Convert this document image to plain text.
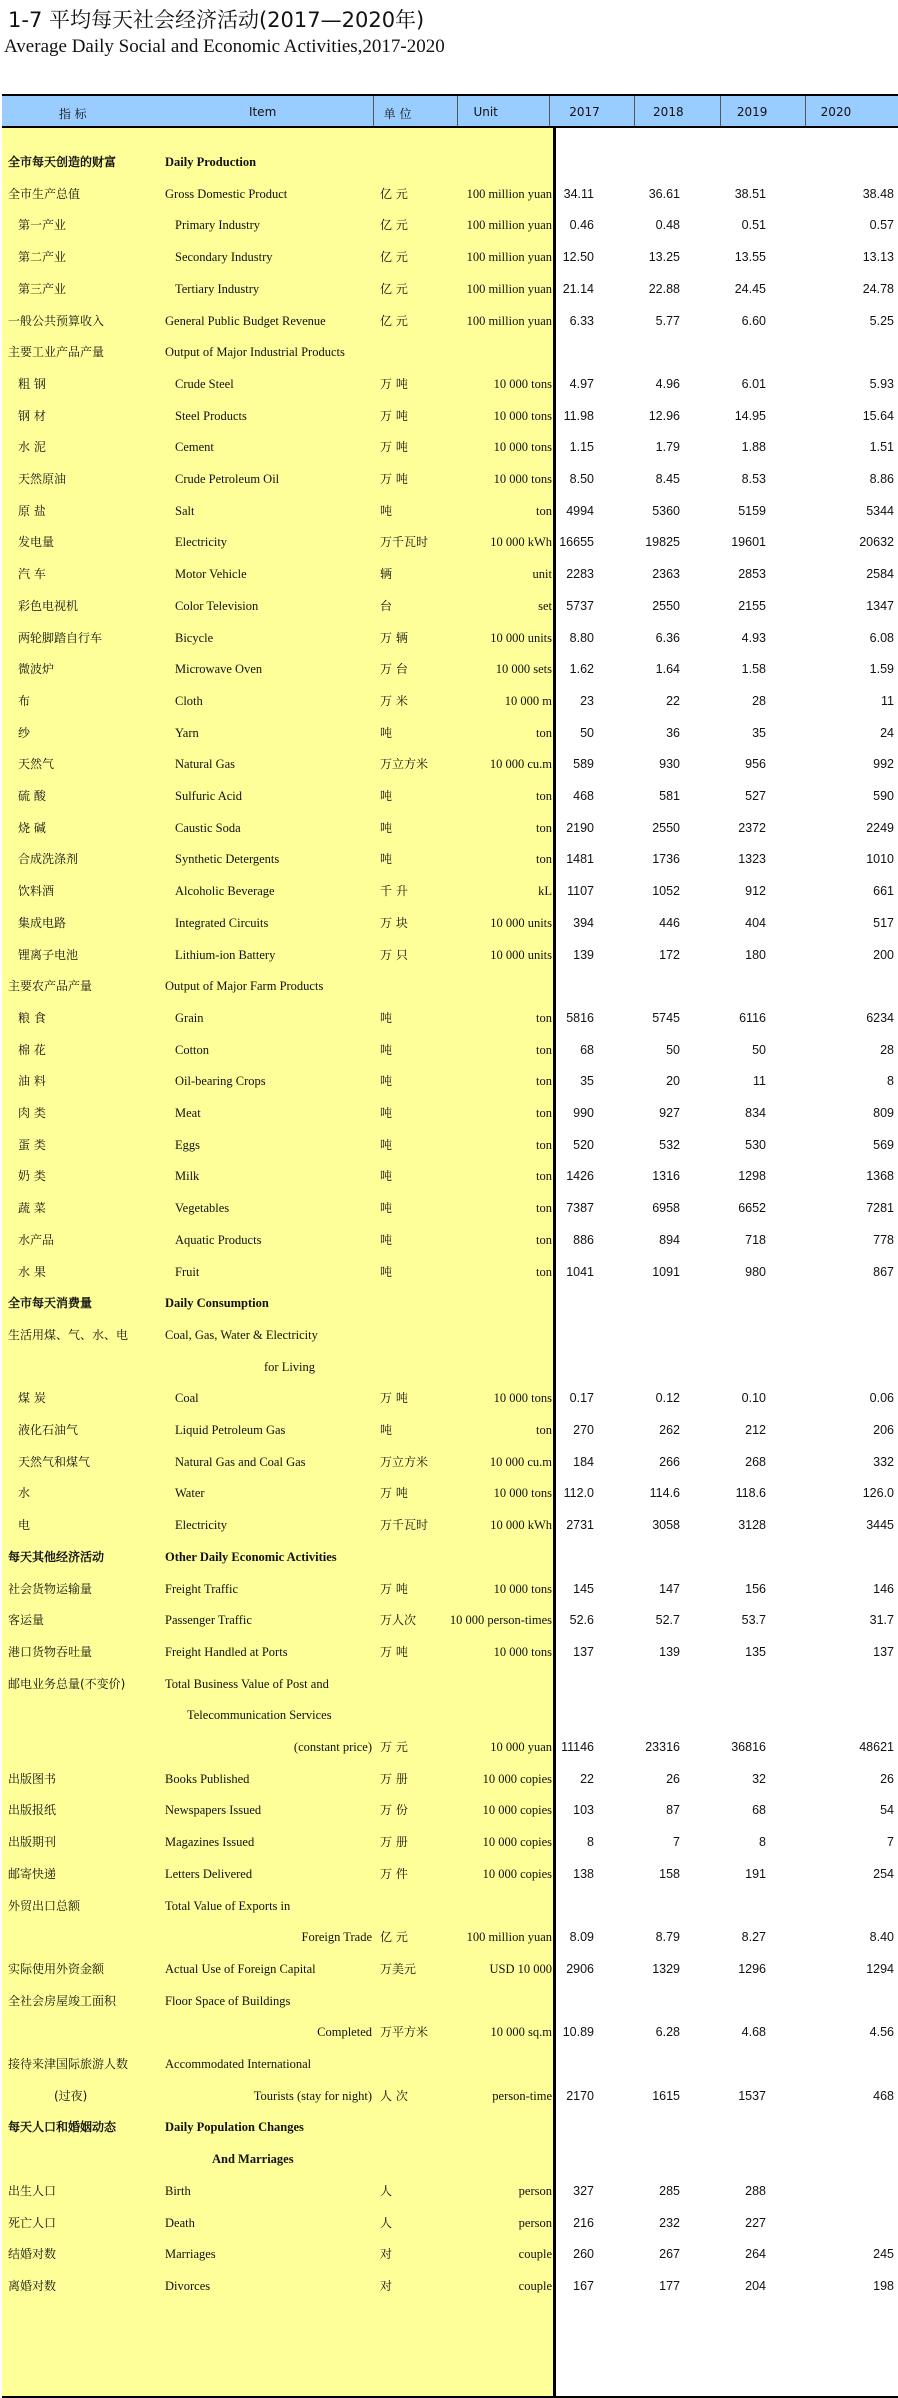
1-7 平均每天社会经济活动(2017—2020年)
Average Daily Social and Economic Activities,2017-2020
指 标	Item	单 位	Unit	2017	2018	2019	2020
全市每天创造的财富	Daily Production
全市生产总值	Gross Domestic Product	亿 元	100 million yuan 34.11	36.61	38.51	38.48
第一产业	Primary Industry	亿 元	100 million yuan	0.46	0.48	0.51	0.57
第二产业	Secondary Industry	亿 元	100 million yuan 12.50	13.25	13.55	13.13
第三产业	Tertiary Industry	亿 元	100 million yuan 21.14	22.88	24.45	24.78
一般公共预算收入	General Public Budget Revenue	亿 元	100 million yuan	6.33	5.77	6.60	5.25
主要工业产品产量	Output of Major Industrial Products
粗 钢	Crude Steel	万 吨	10 000 tons	4.97	4.96	6.01	5.93
钢 材	Steel Products	万 吨	10 000 tons 11.98	12.96	14.95	15.64
水 泥	Cement	万 吨	10 000 tons	1.15	1.79	1.88	1.51
天然原油	Crude Petroleum Oil	万 吨	10 000 tons	8.50	8.45	8.53	8.86
原 盐	Salt	吨	ton	4994	5360	5159	5344
发电量	Electricity	万千瓦时	10 000 kWh 16655	19825	19601	20632
汽 车	Motor Vehicle	辆	unit	2283	2363	2853	2584
彩色电视机	Color Television	台	set	5737	2550	2155	1347
两轮脚踏自行车	Bicycle	万 辆	10 000 units	8.80	6.36	4.93	6.08
微波炉	Microwave Oven	万 台	10 000 sets	1.62	1.64	1.58	1.59
布	Cloth	万 米	10 000 m	23	22	28	11
纱	Yarn	吨	ton	50	36	35	24
天然气	Natural Gas	万立方米	10 000 cu.m	589	930	956	992
硫 酸	Sulfuric Acid	吨	ton	468	581	527	590
烧 碱	Caustic Soda	吨	ton	2190	2550	2372	2249
合成洗涤剂	Synthetic Detergents	吨	ton	1481	1736	1323	1010
饮料酒	Alcoholic Beverage	千 升	kL	1107	1052	912	661
集成电路	Integrated Circuits	万 块	10 000 units	394	446	404	517
锂离子电池	Lithium-ion Battery	万 只	10 000 units	139	172	180	200
主要农产品产量	Output of Major Farm Products
粮 食	Grain	吨	ton	5816	5745	6116	6234
棉 花	Cotton	吨	ton	68	50	50	28
油 料	Oil-bearing Crops	吨	ton	35	20	11	8
肉 类	Meat	吨	ton	990	927	834	809
蛋 类	Eggs	吨	ton	520	532	530	569
奶 类	Milk	吨	ton	1426	1316	1298	1368
蔬 菜	Vegetables	吨	ton	7387	6958	6652	7281
水产品	Aquatic Products	吨	ton	886	894	718	778
水 果	Fruit	吨	ton	1041	1091	980	867
全市每天消费量	Daily Consumption
生活用煤、气、水、电	Coal, Gas, Water & Electricity
for Living
煤 炭	Coal	万 吨	10 000 tons	0.17	0.12	0.10	0.06
液化石油气	Liquid Petroleum Gas	吨	ton	270	262	212	206
天然气和煤气	Natural Gas and Coal Gas	万立方米	10 000 cu.m	184	266	268	332
水	Water	万 吨	10 000 tons 112.0	114.6	118.6	126.0
电	Electricity	万千瓦时	10 000 kWh	2731	3058	3128	3445
每天其他经济活动	Other Daily Economic Activities
社会货物运输量	Freight Traffic	万 吨	10 000 tons	145	147	156	146
客运量	Passenger Traffic	万人次	10 000 person-times	52.6	52.7	53.7	31.7
港口货物吞吐量	Freight Handled at Ports	万 吨	10 000 tons	137	139	135	137
邮电业务总量(不变价)	Total Business Value of Post and
Telecommunication Services
(constant price) 万 元	10 000 yuan 11146	23316	36816	48621
出版图书	Books Published	万 册	10 000 copies	22	26	32	26
出版报纸	Newspapers Issued	万 份	10 000 copies	103	87	68	54
出版期刊	Magazines Issued	万 册	10 000 copies	8	7	8	7
邮寄快递	Letters Delivered	万 件	10 000 copies	138	158	191	254
外贸出口总额	Total Value of Exports in
Foreign Trade 亿 元	100 million yuan	8.09	8.79	8.27	8.40
实际使用外资金额	Actual Use of Foreign Capital	万美元	USD 10 000	2906	1329	1296	1294
全社会房屋竣工面积	Floor Space of Buildings
Completed 万平方米	10 000 sq.m 10.89	6.28	4.68	4.56
接待来津国际旅游人数	Accommodated International
(过夜)	Tourists (stay for night) 人 次	person-time	2170	1615	1537	468
每天人口和婚姻动态	Daily Population Changes
And Marriages
出生人口	Birth	人	person	327	285	288
死亡人口	Death	人	person	216	232	227
结婚对数	Marriages	对	couple	260	267	264	245
离婚对数	Divorces	对	couple	167	177	204	198
